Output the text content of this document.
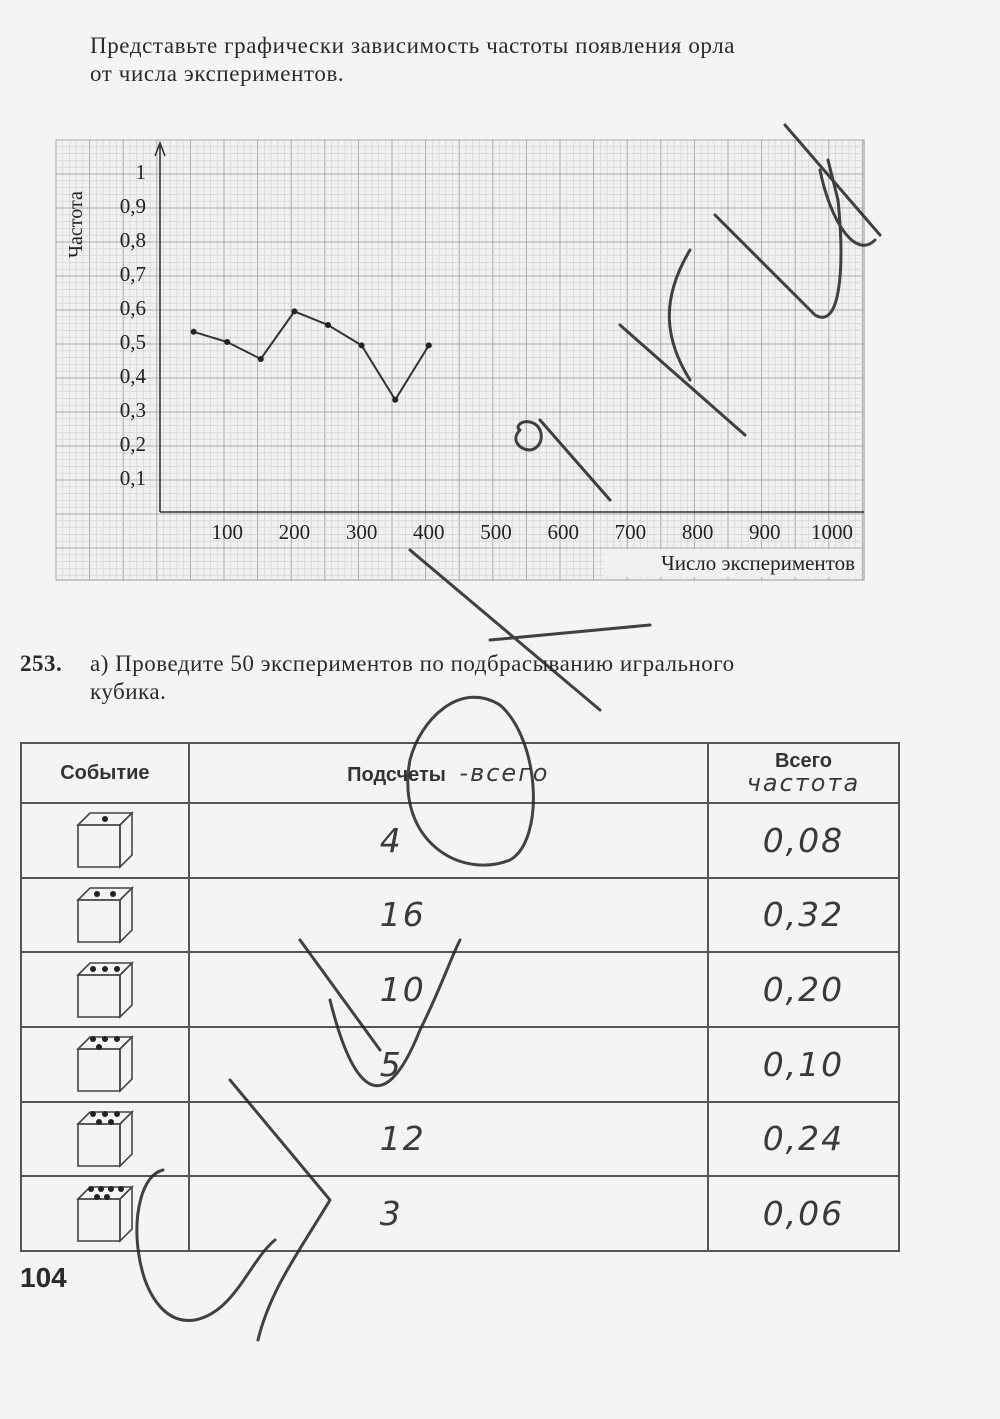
Представьте графически зависимость частоты появления орла
от числа экспериментов.
100 200 300 400 500 600 700 800 900 1000
0,1
0,2
0,3
0,4
0,5
0,6
0,7
0,8
0,9
1
Частота
Число экспериментов
253. а) Проведите 50 экспериментов по подбрасыванию игрального
кубика.
Событие	Подсчеты -всего	Всего
частота

	4	0,08

	16	0,32

	10	0,20

	5	0,10

	12	0,24

	3	0,06
104
